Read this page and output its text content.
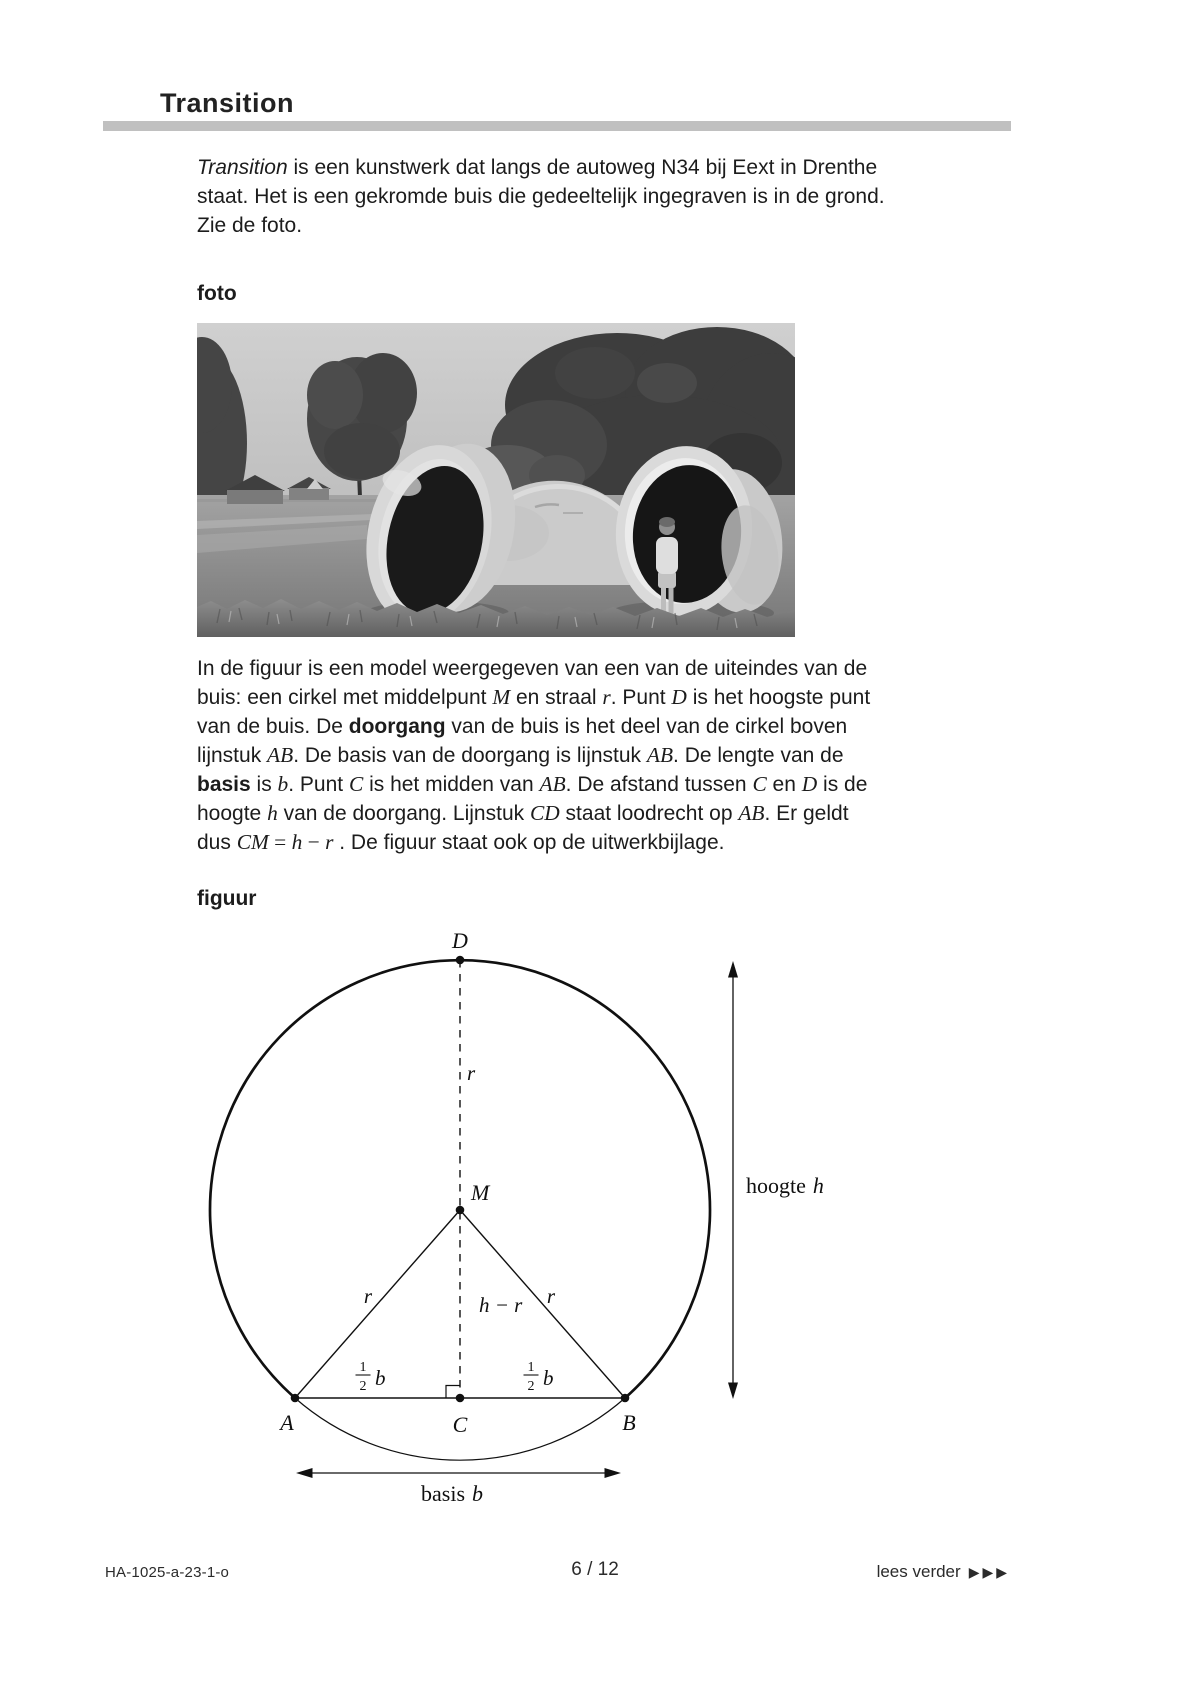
Transition
Transition is een kunstwerk dat langs de autoweg N34 bij Eext in Drenthe
staat. Het is een gekromde buis die gedeeltelijk ingegraven is in de grond.
Zie de foto.
foto
In de figuur is een model weergegeven van een van de uiteindes van de
buis: een cirkel met middelpunt M en straal r. Punt D is het hoogste punt
van de buis. De doorgang van de buis is het deel van de cirkel boven
lijnstuk AB. De basis van de doorgang is lijnstuk AB. De lengte van de
basis is b. Punt C is het midden van AB. De afstand tussen C en D is de
hoogte h van de doorgang. Lijnstuk CD staat loodrecht op AB. Er geldt
dus CM = h − r . De figuur staat ook op de uitwerkbijlage.
figuur
D
M
A	B
C
r
r	r
h − r
1
2 b	1
2 b
hoogte h
basis b
HA-1025-a-23-1-o	6 / 12	lees verder ▶▶▶
